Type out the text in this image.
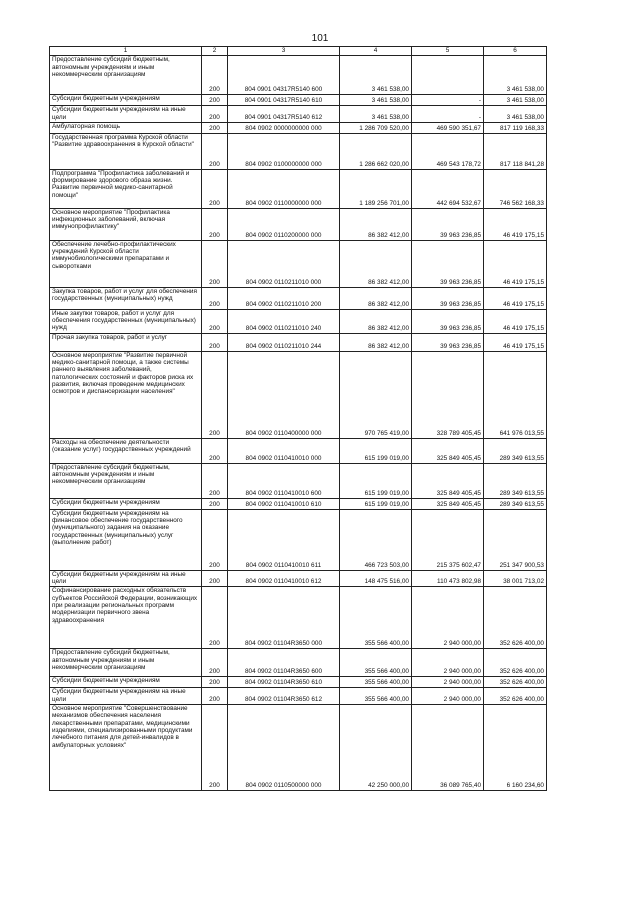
101
1	2	3	4	5	6
Предоставление субсидий бюджетным, автономным учреждениям и иным некоммерческим организациям	200	804 0901 04317R5140 600	3 461 538,00		3 461 538,00
Субсидии бюджетным учреждениям	200	804 0901 04317R5140 610	3 461 538,00	-	3 461 538,00
Субсидии бюджетным учреждениям на иные цели	200	804 0901 04317R5140 612	3 461 538,00	-	3 461 538,00
Амбулаторная помощь	200	804 0902 0000000000 000	1 286 709 520,00	469 590 351,67	817 119 168,33
Государственная программа Курской области "Развитие здравоохранения в Курской области"	200	804 0902 0100000000 000	1 286 662 020,00	469 543 178,72	817 118 841,28
Подпрограмма "Профилактика заболеваний и формирование здорового образа жизни. Развитие первичной медико-санитарной помощи"	200	804 0902 0110000000 000	1 189 256 701,00	442 694 532,67	746 562 168,33
Основное мероприятие "Профилактика инфекционных заболеваний, включая иммунопрофилактику"	200	804 0902 0110200000 000	86 382 412,00	39 963 236,85	46 419 175,15
Обеспечение лечебно-профилактических учреждений Курской области иммунобиологическими препаратами и сыворотками	200	804 0902 0110211010 000	86 382 412,00	39 963 236,85	46 419 175,15
Закупка товаров, работ и услуг для обеспечения государственных (муниципальных) нужд	200	804 0902 0110211010 200	86 382 412,00	39 963 236,85	46 419 175,15
Иные закупки товаров, работ и услуг для обеспечения государственных (муниципальных) нужд	200	804 0902 0110211010 240	86 382 412,00	39 963 236,85	46 419 175,15
Прочая закупка товаров, работ и услуг	200	804 0902 0110211010 244	86 382 412,00	39 963 236,85	46 419 175,15
Основное мероприятие "Развитие первичной медико-санитарной помощи, а также системы раннего выявления заболеваний, патологических состояний и факторов риска их развития, включая проведение медицинских осмотров и диспансеризации населения"	200	804 0902 0110400000 000	970 765 419,00	328 789 405,45	641 976 013,55
Расходы на обеспечение деятельности (оказание услуг) государственных учреждений	200	804 0902 0110410010 000	615 199 019,00	325 849 405,45	289 349 613,55
Предоставление субсидий бюджетным, автономным учреждениям и иным некоммерческим организациям	200	804 0902 0110410010 600	615 199 019,00	325 849 405,45	289 349 613,55
Субсидии бюджетным учреждениям	200	804 0902 0110410010 610	615 199 019,00	325 849 405,45	289 349 613,55
Субсидии бюджетным учреждениям на финансовое обеспечение государственного (муниципального) задания на оказание государственных (муниципальных) услуг (выполнение работ)	200	804 0902 0110410010 611	466 723 503,00	215 375 602,47	251 347 900,53
Субсидии бюджетным учреждениям на иные цели	200	804 0902 0110410010 612	148 475 516,00	110 473 802,98	38 001 713,02
Софинансирование расходных обязательств субъектов Российской Федерации, возникающих при реализации региональных программ модернизации первичного звена здравоохранения	200	804 0902 01104R3650 000	355 566 400,00	2 940 000,00	352 626 400,00
Предоставление субсидий бюджетным, автономным учреждениям и иным некоммерческим организациям	200	804 0902 01104R3650 600	355 566 400,00	2 940 000,00	352 626 400,00
Субсидии бюджетным учреждениям	200	804 0902 01104R3650 610	355 566 400,00	2 940 000,00	352 626 400,00
Субсидии бюджетным учреждениям на иные цели	200	804 0902 01104R3650 612	355 566 400,00	2 940 000,00	352 626 400,00
Основное мероприятие "Совершенствование механизмов обеспечения населения лекарственными препаратами, медицинскими изделиями, специализированными продуктами лечебного питания для детей-инвалидов в амбулаторных условиях"	200	804 0902 0110500000 000	42 250 000,00	36 089 765,40	6 160 234,60
